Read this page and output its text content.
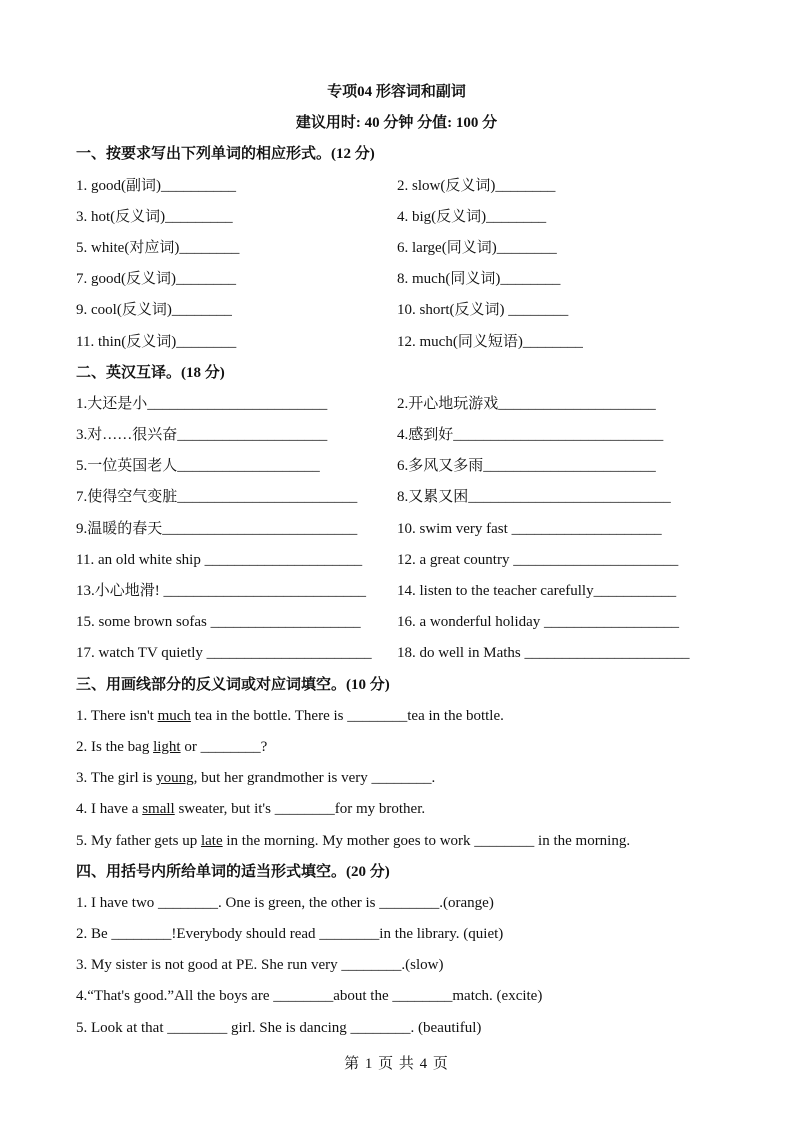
专项04 形容词和副词
建议用时: 40 分钟 分值: 100 分
一、按要求写出下列单词的相应形式。(12 分)
1. good(副词)__________	2. slow(反义词)________
3. hot(反义词)_________	4. big(反义词)________
5. white(对应词)________	6. large(同义词)________
7. good(反义词)________	8. much(同义词)________
9. cool(反义词)________	10. short(反义词) ________
11. thin(反义词)________	12. much(同义短语)________
二、英汉互译。(18 分)
1.大还是小________________________	2.开心地玩游戏_____________________
3.对……很兴奋____________________	4.感到好____________________________
5.一位英国老人___________________	6.多风又多雨_______________________
7.使得空气变脏________________________	8.又累又困___________________________
9.温暖的春天__________________________	10. swim very fast ____________________
11. an old white ship _____________________ 12. a great country ______________________
13.小心地滑! ___________________________ 14. listen to the teacher carefully___________
15. some brown sofas ____________________ 16. a wonderful holiday __________________
17. watch TV quietly ______________________ 18. do well in Maths ______________________
三、用画线部分的反义词或对应词填空。(10 分)
1. There isn't much tea in the bottle. There is ________tea in the bottle.
2. Is the bag light or ________?
3. The girl is young, but her grandmother is very ________.
4. I have a small sweater, but it's ________for my brother.
5. My father gets up late in the morning. My mother goes to work ________ in the morning.
四、用括号内所给单词的适当形式填空。(20 分)
1. I have two ________. One is green, the other is ________.(orange)
2. Be ________!Everybody should read ________in the library. (quiet)
3. My sister is not good at PE. She run very ________.(slow)
4.“That's good.”All the boys are ________about the ________match. (excite)
5. Look at that ________ girl. She is dancing ________. (beautiful)
第 1 页 共 4 页
